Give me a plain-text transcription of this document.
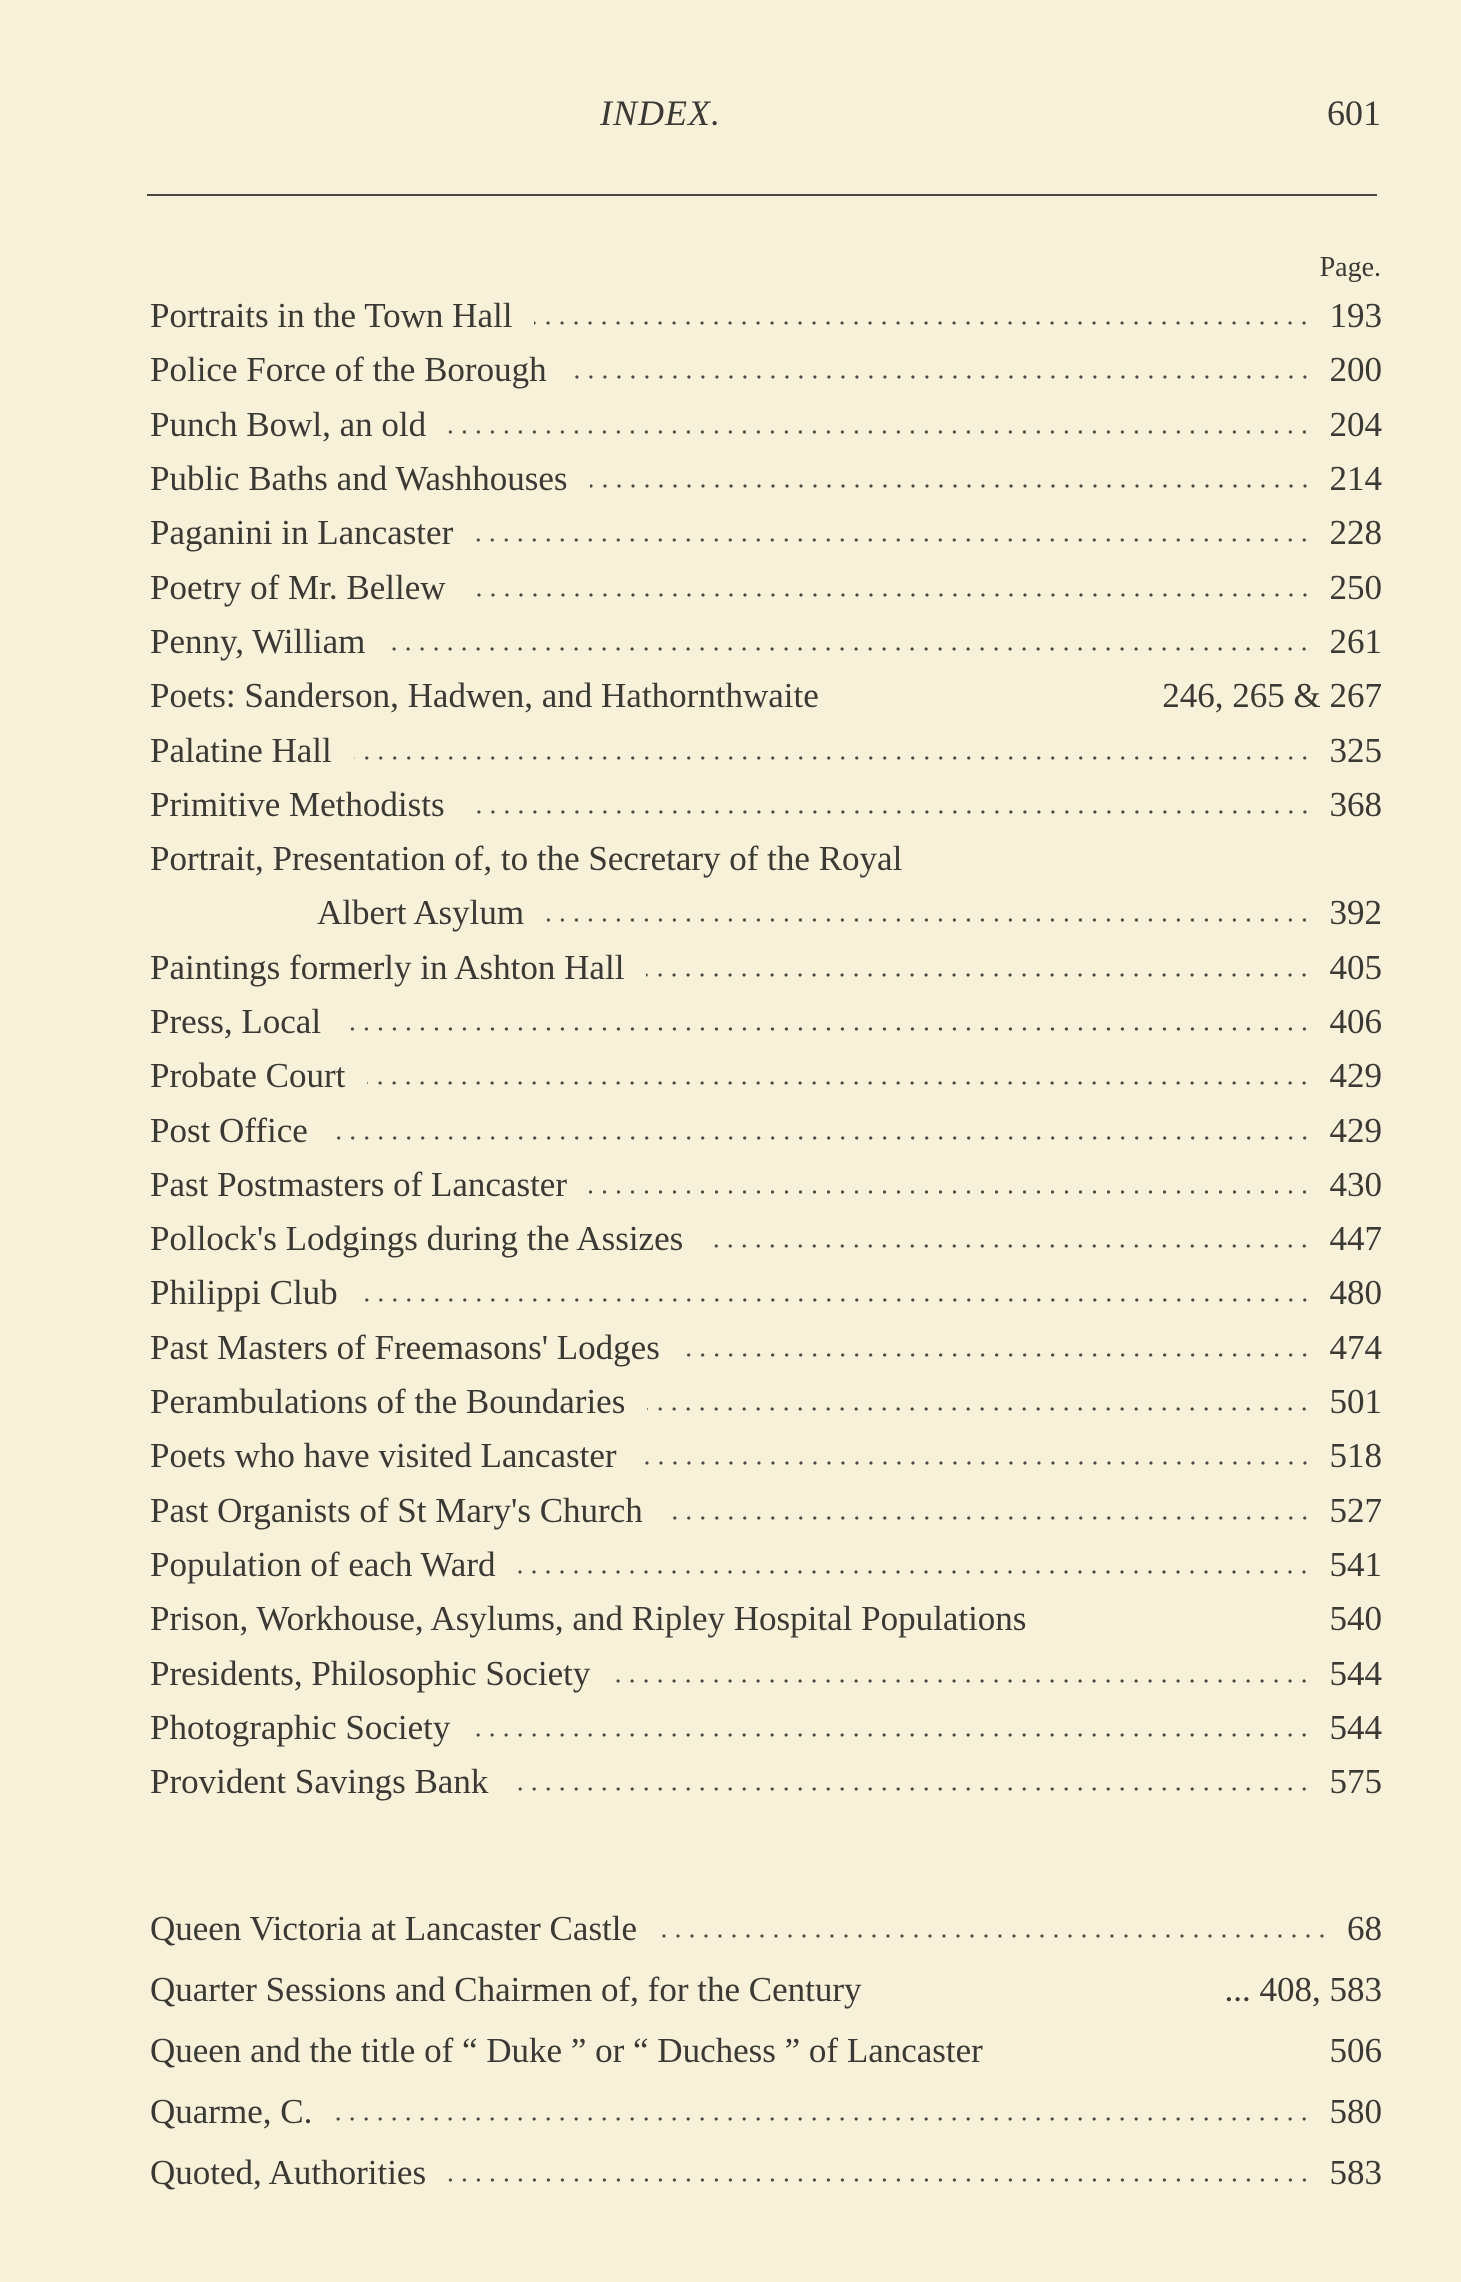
INDEX.	601
Page.
Portraits in the Town Hall	193
Police Force of the Borough	200
Punch Bowl, an old	204
Public Baths and Washhouses	214
Paganini in Lancaster	228
Poetry of Mr. Bellew	250
Penny, William	261
Poets: Sanderson, Hadwen, and Hathornthwaite	246, 265 & 267
Palatine Hall	325
Primitive Methodists	368
Portrait, Presentation of, to the Secretary of the Royal
Albert Asylum	392
Paintings formerly in Ashton Hall	405
Press, Local	406
Probate Court	429
Post Office	429
Past Postmasters of Lancaster	430
Pollock's Lodgings during the Assizes	447
Philippi Club	480
Past Masters of Freemasons' Lodges	474
Perambulations of the Boundaries	501
Poets who have visited Lancaster	518
Past Organists of St Mary's Church	527
Population of each Ward	541
Prison, Workhouse, Asylums, and Ripley Hospital Populations	540
Presidents, Philosophic Society	544
Photographic Society	544
Provident Savings Bank	575
Queen Victoria at Lancaster Castle	68
Quarter Sessions and Chairmen of, for the Century	... 408, 583
Queen and the title of “ Duke ” or “ Duchess ” of Lancaster	506
Quarme, C.	580
Quoted, Authorities	583
